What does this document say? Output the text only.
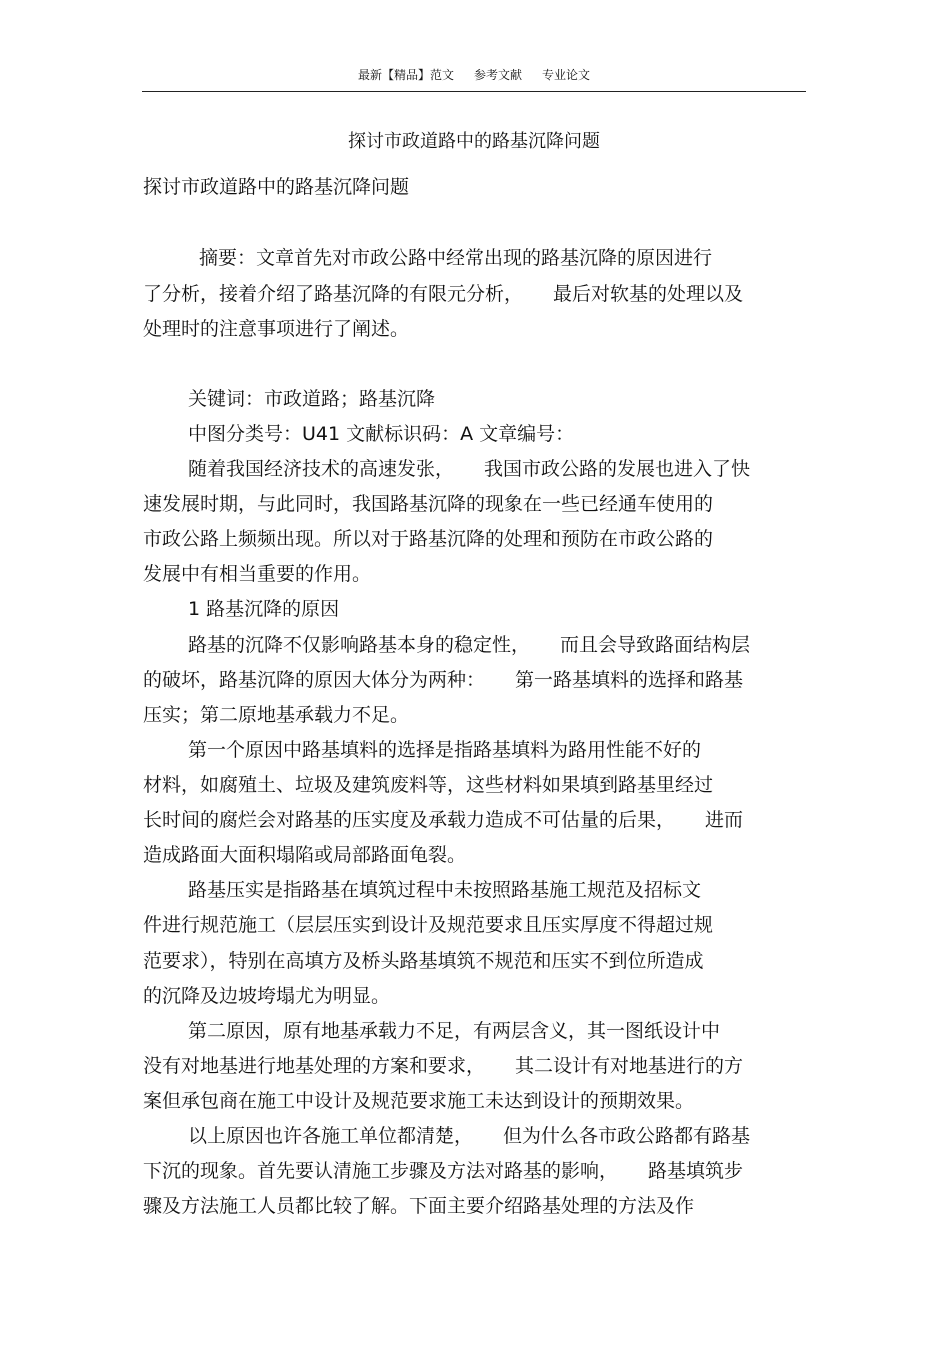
最新【精品】范文 参考文献 专业论文
探讨市政道路中的路基沉降问题
探讨市政道路中的路基沉降问题
摘要：文章首先对市政公路中经常出现的路基沉降的原因进行
了分析，接着介绍了路基沉降的有限元分析， 最后对软基的处理以及
处理时的注意事项进行了阐述。
关键词：市政道路；路基沉降
中图分类号：U41 文献标识码：A 文章编号：
随着我国经济技术的高速发张， 我国市政公路的发展也进入了快
速发展时期，与此同时，我国路基沉降的现象在一些已经通车使用的
市政公路上频频出现。所以对于路基沉降的处理和预防在市政公路的
发展中有相当重要的作用。
1 路基沉降的原因
路基的沉降不仅影响路基本身的稳定性， 而且会导致路面结构层
的破坏，路基沉降的原因大体分为两种： 第一路基填料的选择和路基
压实；第二原地基承载力不足。
第一个原因中路基填料的选择是指路基填料为路用性能不好的
材料，如腐殖土、垃圾及建筑废料等，这些材料如果填到路基里经过
长时间的腐烂会对路基的压实度及承载力造成不可估量的后果， 进而
造成路面大面积塌陷或局部路面龟裂。
路基压实是指路基在填筑过程中未按照路基施工规范及招标文
件进行规范施工（层层压实到设计及规范要求且压实厚度不得超过规
范要求），特别在高填方及桥头路基填筑不规范和压实不到位所造成
的沉降及边坡垮塌尤为明显。
第二原因，原有地基承载力不足，有两层含义，其一图纸设计中
没有对地基进行地基处理的方案和要求， 其二设计有对地基进行的方
案但承包商在施工中设计及规范要求施工未达到设计的预期效果。
以上原因也许各施工单位都清楚， 但为什么各市政公路都有路基
下沉的现象。首先要认清施工步骤及方法对路基的影响， 路基填筑步
骤及方法施工人员都比较了解。下面主要介绍路基处理的方法及作
